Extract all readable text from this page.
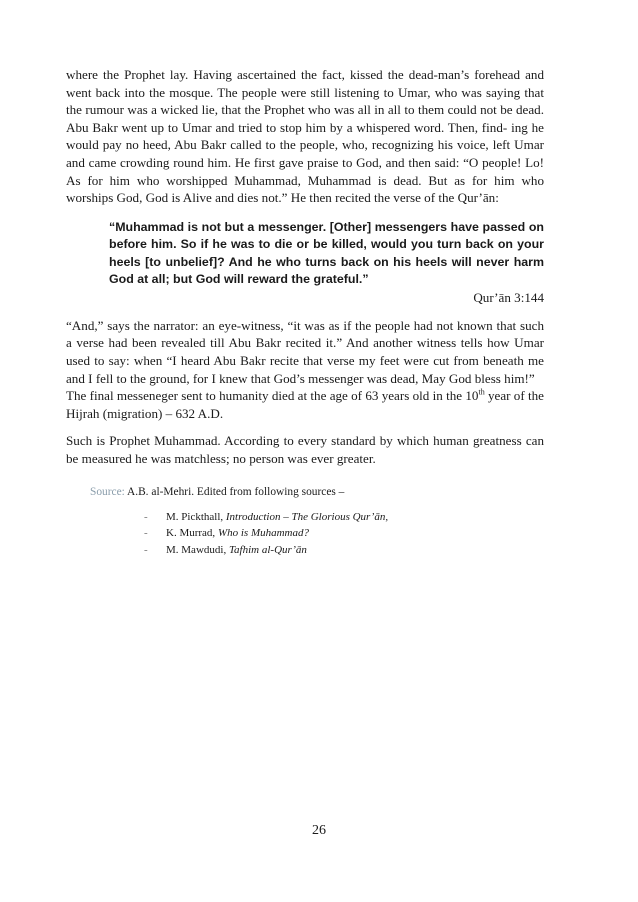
where the Prophet lay. Having ascertained the fact, kissed the dead-man’s forehead and went back into the mosque. The people were still listening to Umar, who was saying that the rumour was a wicked lie, that the Prophet who was all in all to them could not be dead. Abu Bakr went up to Umar and tried to stop him by a whispered word. Then, find- ing he would pay no heed, Abu Bakr called to the people, who, recognizing his voice, left Umar and came crowding round him. He first gave praise to God, and then said: “O people! Lo! As for him who worshipped Muhammad, Muhammad is dead. But as for him who worships God, God is Alive and dies not.” He then recited the verse of the Qur’ān:

“Muhammad is not but a messenger. [Other] messengers have passed on before him. So if he was to die or be killed, would you turn back on your heels [to unbelief]? And he who turns back on his heels will never harm God at all; but God will reward the grateful.”
Qur’ān 3:144

“And,” says the narrator: an eye-witness, “it was as if the people had not known that such a verse had been revealed till Abu Bakr recited it.” And another witness tells how Umar used to say: when “I heard Abu Bakr recite that verse my feet were cut from beneath me and I fell to the ground, for I knew that God’s messenger was dead, May God bless him!”

The final messeneger sent to humanity died at the age of 63 years old in the 10th year of the Hijrah (migration) – 632 A.D.

Such is Prophet Muhammad. According to every standard by which human greatness can be measured he was matchless; no person was ever greater.

Source: A.B. al-Mehri. Edited from following sources –
- M. Pickthall, Introduction – The Glorious Qur’ān,
- K. Murrad, Who is Muhammad?
- M. Mawdudi, Tafhim al-Qur’ān
26
